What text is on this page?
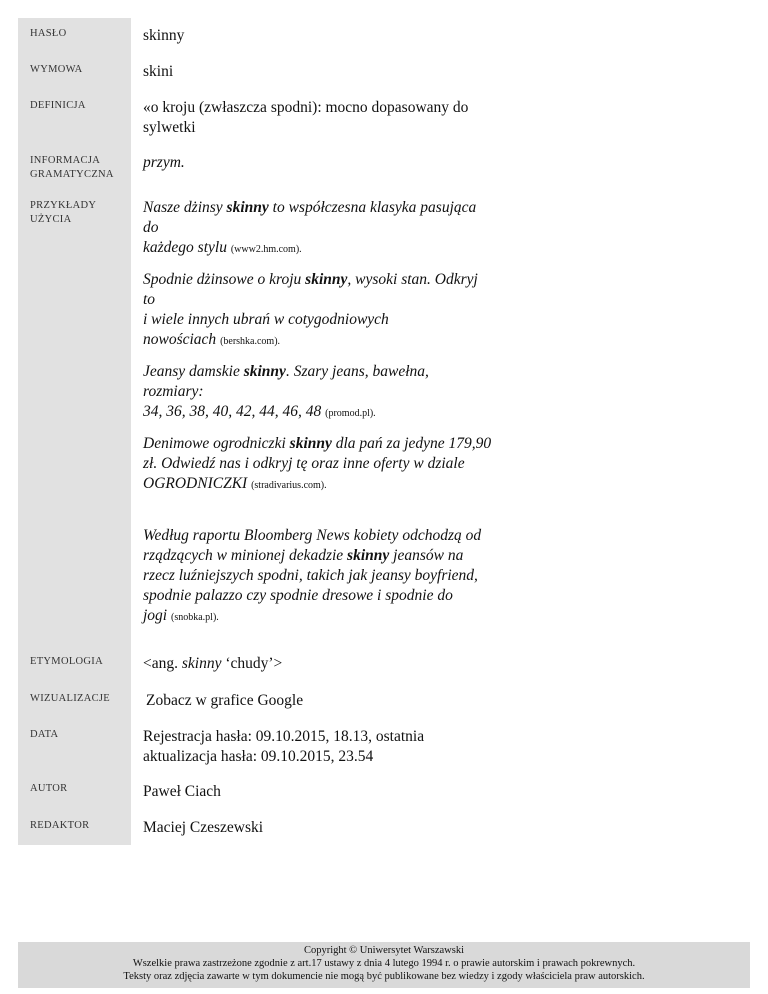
HASŁO
WYMOWA
DEFINICJA
INFORMACJA
GRAMATYCZNA
PRZYKŁADY
UŻYCIA
ETYMOLOGIA
WIZUALIZACJE
DATA
AUTOR
REDAKTOR
skinny
skini
«o kroju (zwłaszcza spodni): mocno dopasowany do
sylwetki
przym.
Nasze dżinsy skinny to współczesna klasyka pasująca do
każdego stylu (www2.hm.com).
Spodnie dżinsowe o kroju skinny, wysoki stan. Odkryj to
i wiele innych ubrań w cotygodniowych
nowościach (bershka.com).
Jeansy damskie skinny. Szary jeans, bawełna, rozmiary:
34, 36, 38, 40, 42, 44, 46, 48 (promod.pl).
Denimowe ogrodniczki skinny dla pań za jedyne 179,90
zł. Odwiedź nas i odkryj tę oraz inne oferty w dziale
OGRODNICZKI (stradivarius.com).
Według raportu Bloomberg News kobiety odchodzą od
rządzących w minionej dekadzie skinny jeansów na
rzecz luźniejszych spodni, takich jak jeansy boyfriend,
spodnie palazzo czy spodnie dresowe i spodnie do
jogi (snobka.pl).
<ang. skinny ‘chudy’>
Zobacz w grafice Google
Rejestracja hasła: 09.10.2015, 18.13, ostatnia
aktualizacja hasła: 09.10.2015, 23.54
Paweł Ciach
Maciej Czeszewski
Copyright © Uniwersytet Warszawski
Wszelkie prawa zastrzeżone zgodnie z art.17 ustawy z dnia 4 lutego 1994 r. o prawie autorskim i prawach pokrewnych.
Teksty oraz zdjęcia zawarte w tym dokumencie nie mogą być publikowane bez wiedzy i zgody właściciela praw autorskich.
